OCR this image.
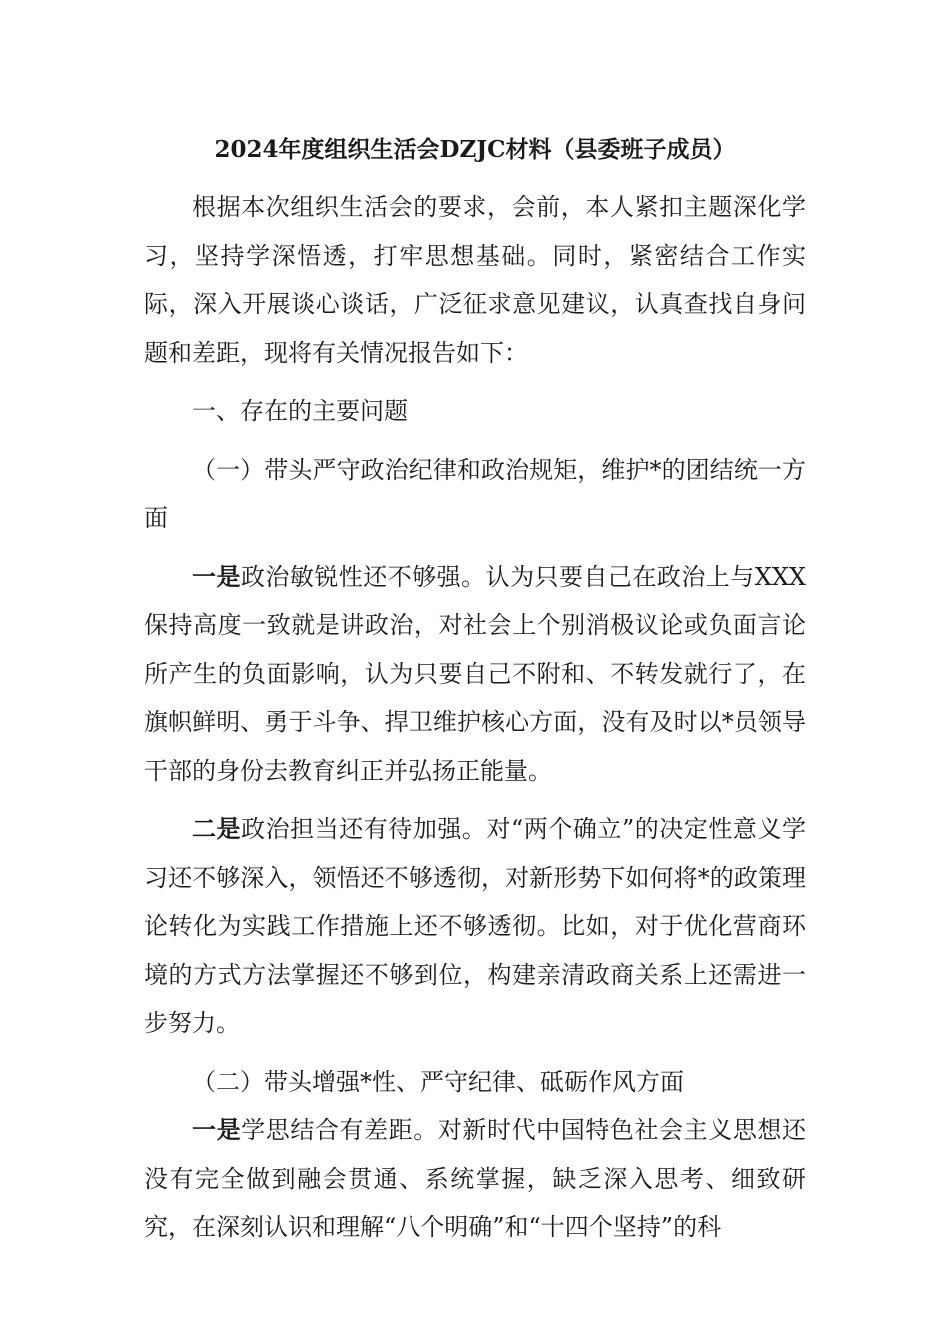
2024年度组织生活会DZJC材料（县委班子成员）

根据本次组织生活会的要求，会前，本人紧扣主题深化学习，坚持学深悟透，打牢思想基础。同时，紧密结合工作实际，深入开展谈心谈话，广泛征求意见建议，认真查找自身问题和差距，现将有关情况报告如下：

一、存在的主要问题

（一）带头严守政治纪律和政治规矩，维护*的团结统一方面

一是政治敏锐性还不够强。认为只要自己在政治上与XXX保持高度一致就是讲政治，对社会上个别消极议论或负面言论所产生的负面影响，认为只要自己不附和、不转发就行了，在旗帜鲜明、勇于斗争、捍卫维护核心方面，没有及时以*员领导干部的身份去教育纠正并弘扬正能量。

二是政治担当还有待加强。对“两个确立”的决定性意义学习还不够深入，领悟还不够透彻，对新形势下如何将*的政策理论转化为实践工作措施上还不够透彻。比如，对于优化营商环境的方式方法掌握还不够到位，构建亲清政商关系上还需进一步努力。

（二）带头增强*性、严守纪律、砥砺作风方面

一是学思结合有差距。对新时代中国特色社会主义思想还没有完全做到融会贯通、系统掌握，缺乏深入思考、细致研究，在深刻认识和理解“八个明确”和“十四个坚持”的科
